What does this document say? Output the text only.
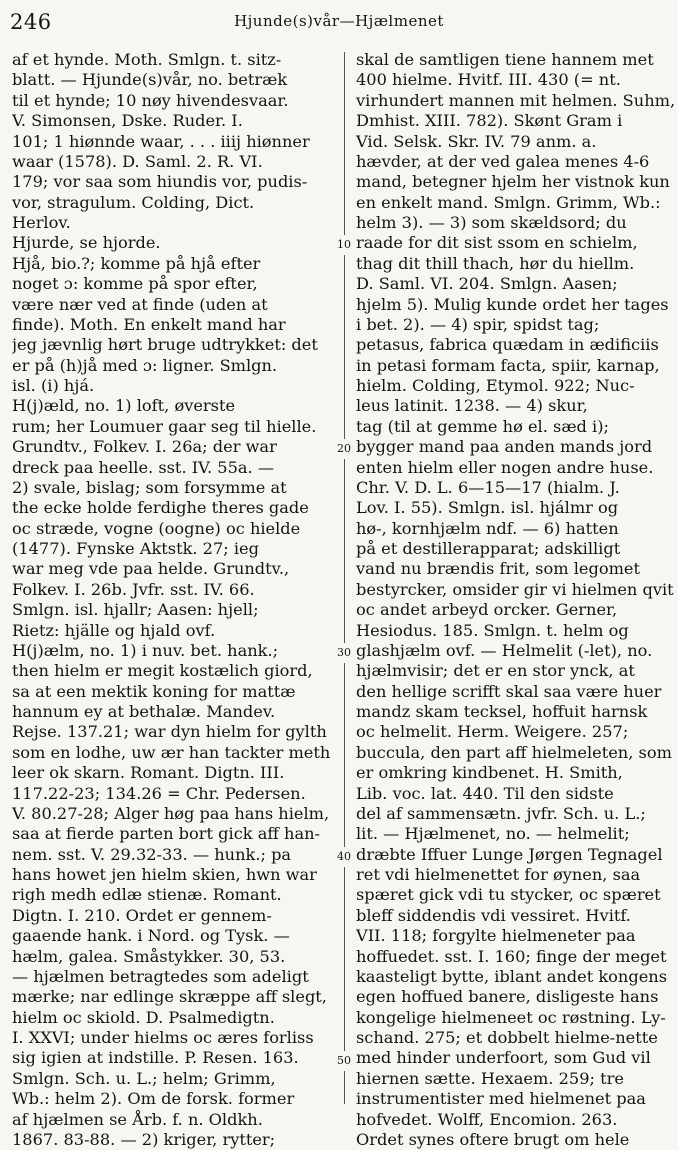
246	Hjunde(s)vår—Hjælmenet
af et hynde. Moth. Smlgn. t. sitz-
blatt. — Hjunde(s)vår, no. betræk
til et hynde; 10 nøy hivendesvaar.
V. Simonsen, Dske. Ruder. I.
101; 1 hiønnde waar, . . . iiij hiønner
waar (1578). D. Saml. 2. R. VI.
179; vor saa som hiundis vor, pudis-
vor, stragulum. Colding, Dict.
Herlov.
Hjurde, se hjorde.
Hjå, bio.?; komme på hjå efter
noget ɔ: komme på spor efter,
være nær ved at finde (uden at
finde). Moth. En enkelt mand har
jeg jævnlig hørt bruge udtrykket: det
er på (h)jå med ɔ: ligner. Smlgn.
isl. (i) hjá.
H(j)æld, no. 1) loft, øverste
rum; her Loumuer gaar seg til hielle.
Grundtv., Folkev. I. 26a; der war
dreck paa heelle. sst. IV. 55a. —
2) svale, bislag; som forsymme at
the ecke holde ferdighe theres gade
oc stræde, vogne (oogne) oc hielde
(1477). Fynske Aktstk. 27; ieg
war meg vde paa helde. Grundtv.,
Folkev. I. 26b. Jvfr. sst. IV. 66.
Smlgn. isl. hjallr; Aasen: hjell;
Rietz: hjälle og hjald ovf.
H(j)ælm, no. 1) i nuv. bet. hank.;
then hielm er megit kostælich giord,
sa at een mektik koning for mattæ
hannum ey at bethalæ. Mandev.
Rejse. 137.21; war dyn hielm for gylth
som en lodhe, uw ær han tackter meth
leer ok skarn. Romant. Digtn. III.
117.22-23; 134.26 = Chr. Pedersen.
V. 80.27-28; Alger høg paa hans hielm,
saa at fierde parten bort gick aff han-
nem. sst. V. 29.32-33. — hunk.; pa
hans howet jen hielm skien, hwn war
righ medh edlæ stienæ. Romant.
Digtn. I. 210. Ordet er gennem-
gaaende hank. i Nord. og Tysk. —
hælm, galea. Småstykker. 30, 53.
— hjælmen betragtedes som adeligt
mærke; nar edlinge skræppe aff slegt,
hielm oc skiold. D. Psalmedigtn.
I. XXVI; under hielms oc æres forliss
sig igien at indstille. P. Resen. 163.
Smlgn. Sch. u. L.; helm; Grimm,
Wb.: helm 2). Om de forsk. former
af hjælmen se Årb. f. n. Oldkh.
1867. 83-88. — 2) kriger, rytter;
10
20
30
40
50
skal de samtligen tiene hannem met
400 hielme. Hvitf. III. 430 (= nt.
virhundert mannen mit helmen. Suhm,
Dmhist. XIII. 782). Skønt Gram i
Vid. Selsk. Skr. IV. 79 anm. a.
hævder, at der ved galea menes 4-6
mand, betegner hjelm her vistnok kun
en enkelt mand. Smlgn. Grimm, Wb.:
helm 3). — 3) som skældsord; du
raade for dit sist ssom en schielm,
thag dit thill thach, hør du hiellm.
D. Saml. VI. 204. Smlgn. Aasen;
hjelm 5). Mulig kunde ordet her tages
i bet. 2). — 4) spir, spidst tag;
petasus, fabrica quædam in ædificiis
in petasi formam facta, spiir, karnap,
hielm. Colding, Etymol. 922; Nuc-
leus latinit. 1238. — 4) skur,
tag (til at gemme hø el. sæd i);
bygger mand paa anden mands jord
enten hielm eller nogen andre huse.
Chr. V. D. L. 6—15—17 (hialm. J.
Lov. I. 55). Smlgn. isl. hjálmr og
hø-, kornhjælm ndf. — 6) hatten
på et destillerapparat; adskilligt
vand nu brændis frit, som legomet
bestyrcker, omsider gir vi hielmen qvit
oc andet arbeyd orcker. Gerner,
Hesiodus. 185. Smlgn. t. helm og
glashjælm ovf. — Helmelit (-let), no.
hjælmvisir; det er en stor ynck, at
den hellige scrifft skal saa være huer
mandz skam tecksel, hoffuit harnsk
oc helmelit. Herm. Weigere. 257;
buccula, den part aff hielmeleten, som
er omkring kindbenet. H. Smith,
Lib. voc. lat. 440. Til den sidste
del af sammensætn. jvfr. Sch. u. L.;
lit. — Hjælmenet, no. — helmelit;
dræbte Iffuer Lunge Jørgen Tegnagel
ret vdi hielmenettet for øynen, saa
spæret gick vdi tu stycker, oc spæret
bleff siddendis vdi vessiret. Hvitf.
VII. 118; forgylte hielmeneter paa
hoffuedet. sst. I. 160; finge der meget
kaasteligt bytte, iblant andet kongens
egen hoffued banere, disligeste hans
kongelige hielmeneet oc røstning. Ly-
schand. 275; et dobbelt hielme-nette
med hinder underfoort, som Gud vil
hiernen sætte. Hexaem. 259; tre
instrumentister med hielmenet paa
hofvedet. Wolff, Encomion. 263.
Ordet synes oftere brugt om hele
